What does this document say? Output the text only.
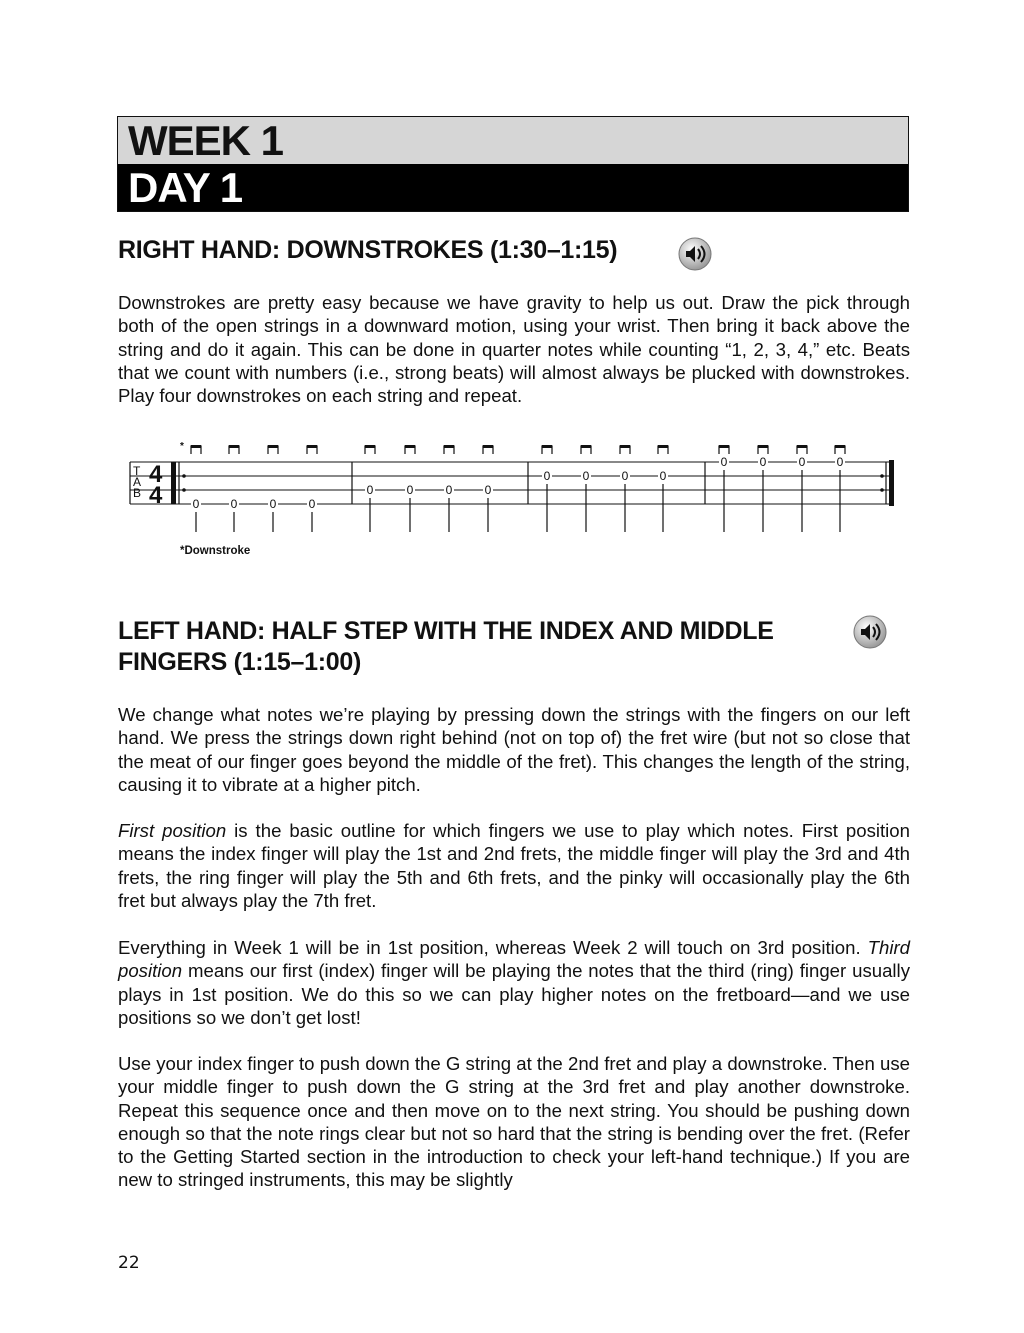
WEEK 1
DAY 1
RIGHT HAND: DOWNSTROKES (1:30–1:15)

Downstrokes are pretty easy because we have gravity to help us out. Draw the pick through both of the open strings in a downward motion, using your wrist. Then bring it back above the string and do it again. This can be done in quarter notes while counting “1, 2, 3, 4,” etc. Beats that we count with numbers (i.e., strong beats) will almost always be plucked with downstrokes. Play four downstrokes on each string and repeat.

T
A
B
4
4
*
0	0	0	0
0	0	0	0
0	0	0	0
0	0	0	0
*Downstroke
LEFT HAND: HALF STEP WITH THE INDEX AND MIDDLE
FINGERS (1:15–1:00)

We change what notes we’re playing by pressing down the strings with the fingers on our left hand. We press the strings down right behind (not on top of) the fret wire (but not so close that the meat of our finger goes beyond the middle of the fret). This changes the length of the string, causing it to vibrate at a higher pitch.

First position is the basic outline for which fingers we use to play which notes. First position means the index finger will play the 1st and 2nd frets, the middle finger will play the 3rd and 4th frets, the ring finger will play the 5th and 6th frets, and the pinky will occasionally play the 6th fret but always play the 7th fret.

Everything in Week 1 will be in 1st position, whereas Week 2 will touch on 3rd position. Third position means our first (index) finger will be playing the notes that the third (ring) finger usually plays in 1st position. We do this so we can play higher notes on the fretboard—and we use positions so we don’t get lost!

Use your index finger to push down the G string at the 2nd fret and play a downstroke. Then use your middle finger to push down the G string at the 3rd fret and play another downstroke. Repeat this sequence once and then move on to the next string. You should be pushing down enough so that the note rings clear but not so hard that the string is bending over the fret. (Refer to the Getting Started section in the introduction to check your left-hand technique.) If you are new to stringed instruments, this may be slightly

22
